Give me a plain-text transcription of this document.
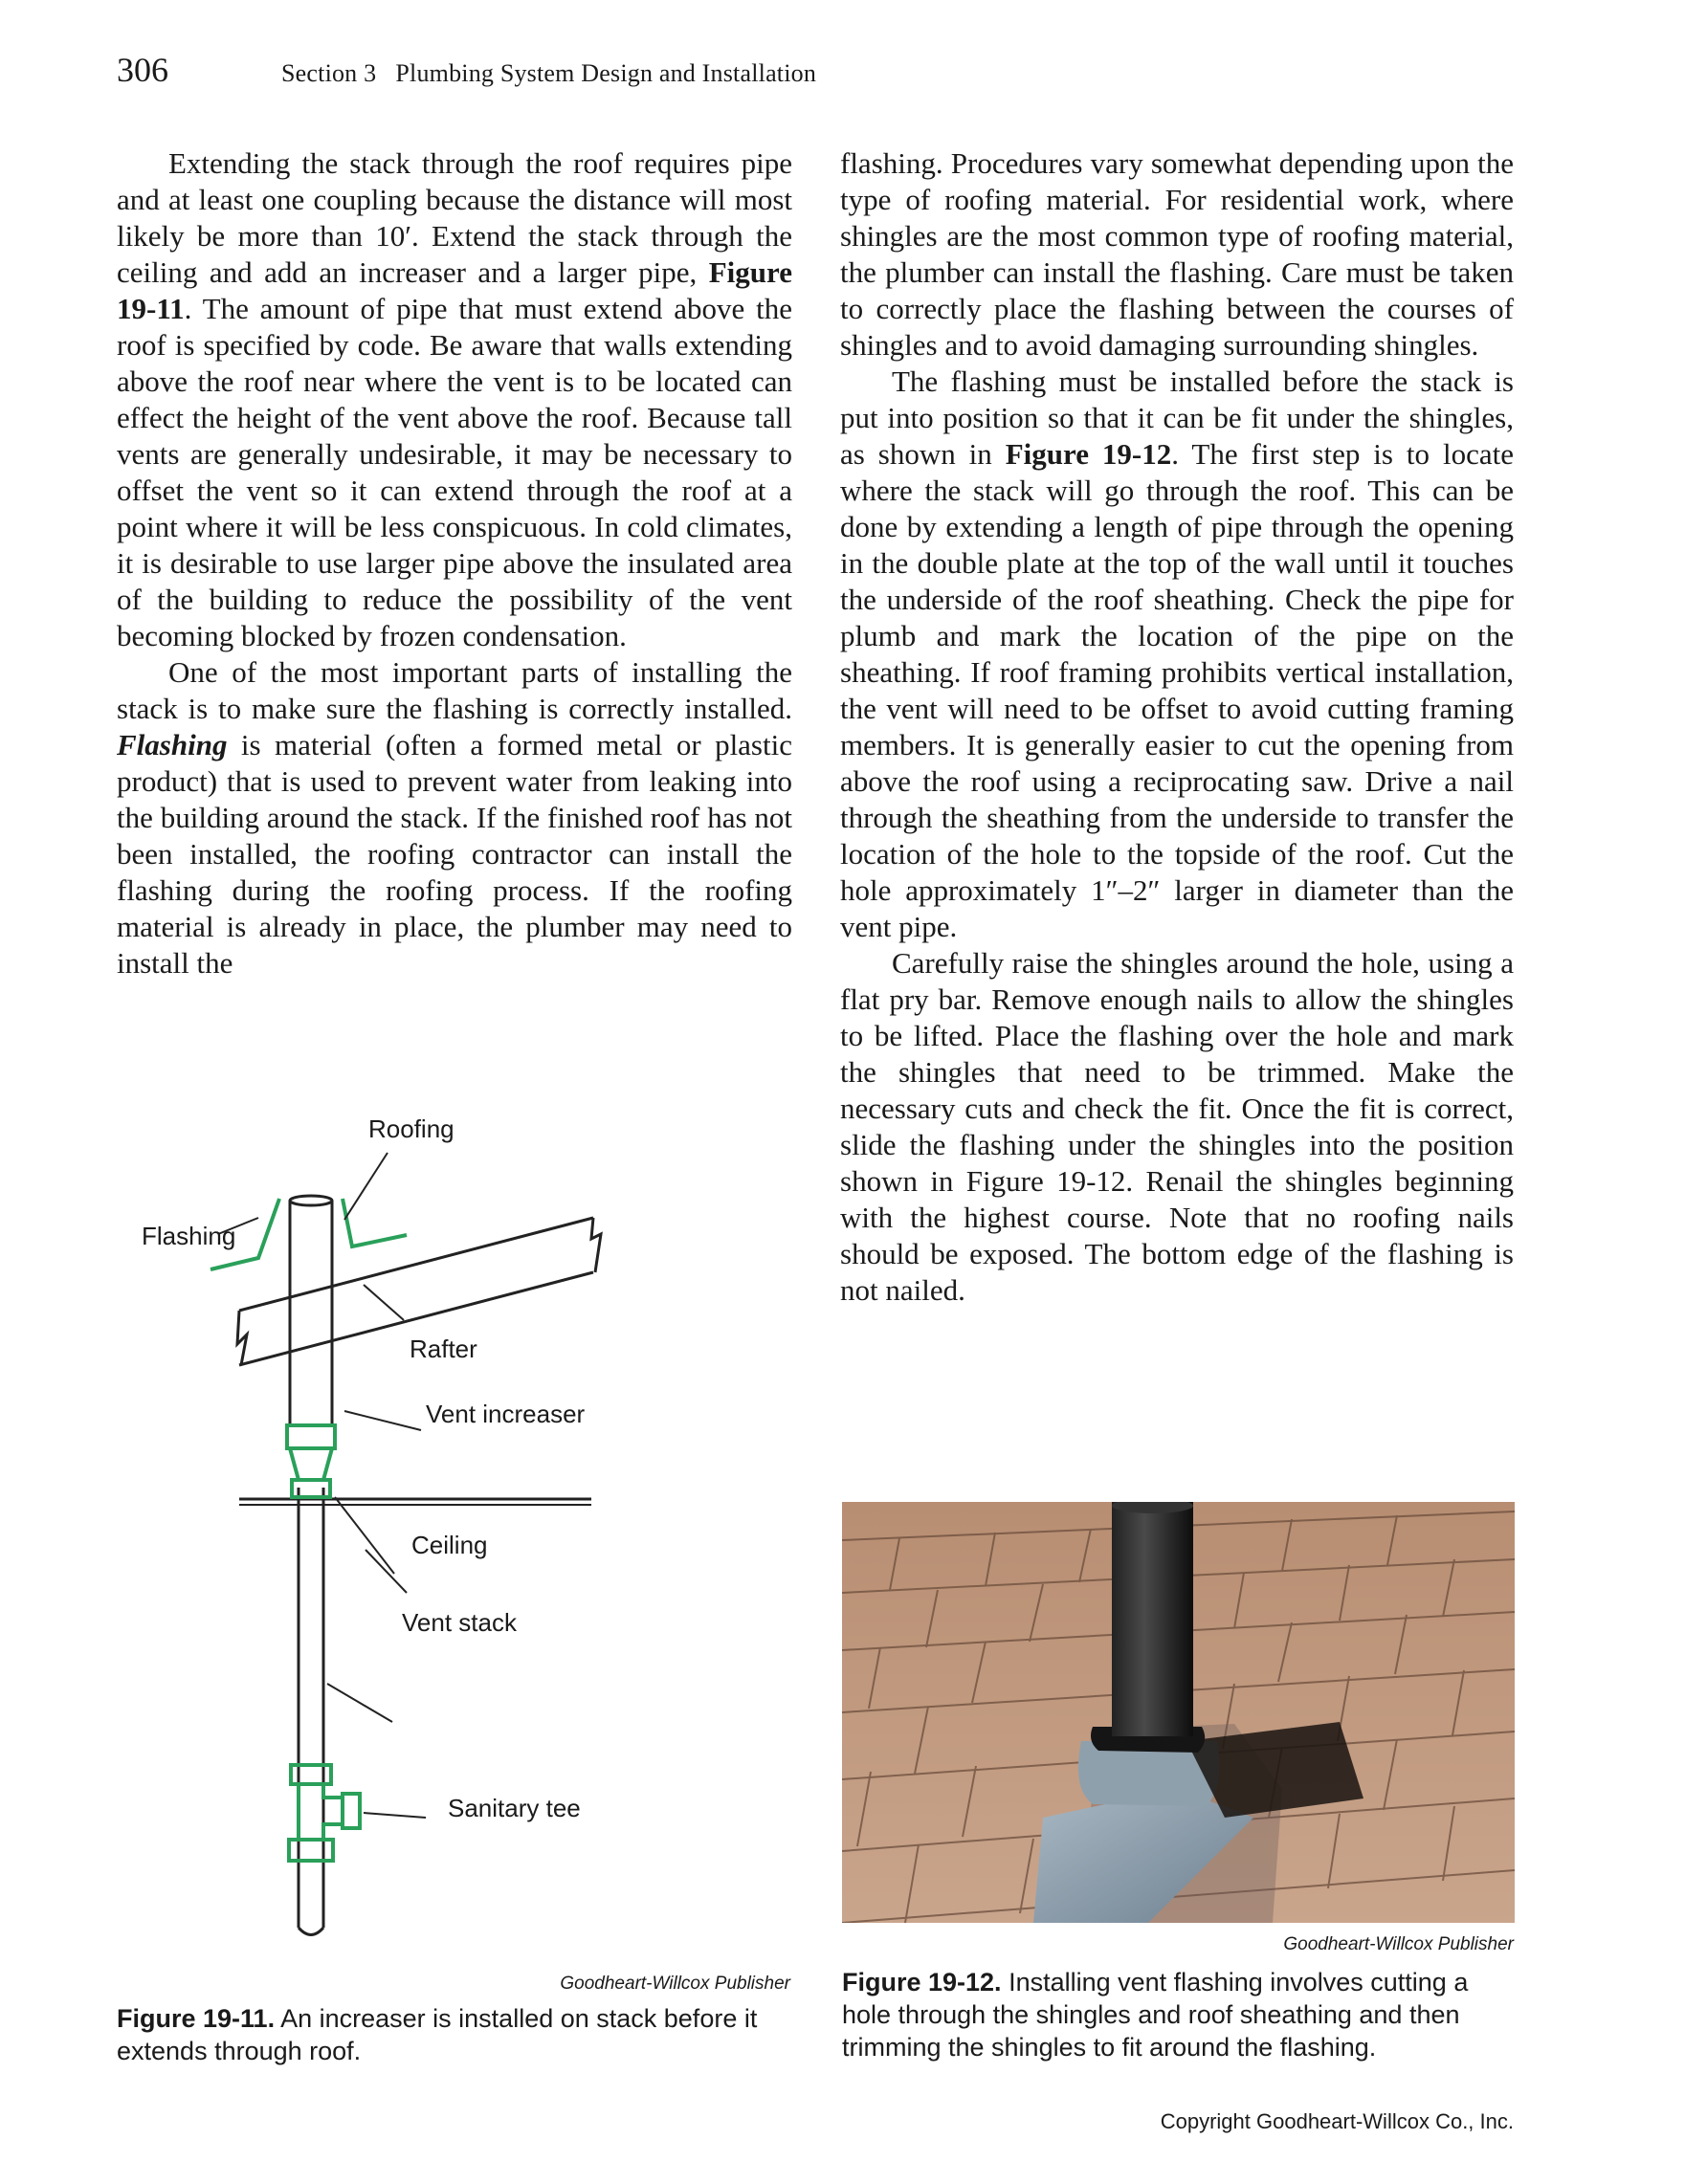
306	Section 3   Plumbing System Design and Installation

Extending the stack through the roof requires pipe and at least one coupling because the distance will most likely be more than 10′. Extend the stack through the ceiling and add an increaser and a larger pipe, Figure 19-11. The amount of pipe that must extend above the roof is specified by code. Be aware that walls extending above the roof near where the vent is to be located can effect the height of the vent above the roof. Because tall vents are generally undesirable, it may be necessary to offset the vent so it can extend through the roof at a point where it will be less conspicuous. In cold climates, it is desirable to use larger pipe above the insulated area of the building to reduce the possibility of the vent becoming blocked by frozen condensation.

One of the most important parts of installing the stack is to make sure the flashing is correctly installed. Flashing is material (often a formed metal or plastic product) that is used to prevent water from leaking into the building around the stack. If the finished roof has not been installed, the roofing contractor can install the flashing during the roofing process. If the roofing material is already in place, the plumber may need to install the

flashing. Procedures vary somewhat depending upon the type of roofing material. For residential work, where shingles are the most common type of roofing material, the plumber can install the flashing. Care must be taken to correctly place the flashing between the courses of shingles and to avoid damaging surrounding shingles.

The flashing must be installed before the stack is put into position so that it can be fit under the shingles, as shown in Figure 19-12. The first step is to locate where the stack will go through the roof. This can be done by extending a length of pipe through the opening in the double plate at the top of the wall until it touches the underside of the roof sheathing. Check the pipe for plumb and mark the location of the pipe on the sheathing. If roof framing prohibits vertical installation, the vent will need to be offset to avoid cutting framing members. It is generally easier to cut the opening from above the roof using a reciprocating saw. Drive a nail through the sheathing from the underside to transfer the location of the hole to the topside of the roof. Cut the hole approximately 1″–2″ larger in diameter than the vent pipe.

Carefully raise the shingles around the hole, using a flat pry bar. Remove enough nails to allow the shingles to be lifted. Place the flashing over the hole and mark the shingles that need to be trimmed. Make the necessary cuts and check the fit. Once the fit is correct, slide the flashing under the shingles into the position shown in Figure 19-12. Renail the shingles beginning with the highest course. Note that no roofing nails should be exposed. The bottom edge of the flashing is not nailed.

Roofing
Flashing
Rafter
Vent increaser
Ceiling
Vent stack
Sanitary tee
Goodheart-Willcox Publisher
Figure 19-11. An increaser is installed on stack before it extends through roof.
Goodheart-Willcox Publisher
Figure 19-12. Installing vent flashing involves cutting a hole through the shingles and roof sheathing and then trimming the shingles to fit around the flashing.
Copyright Goodheart-Willcox Co., Inc.
